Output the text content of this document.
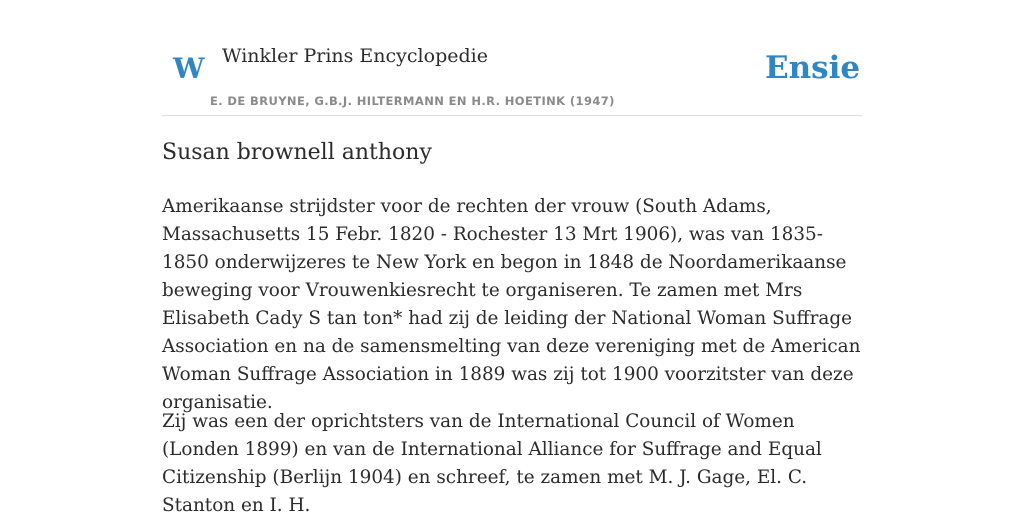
W Winkler Prins Encyclopedie	Ensie
E. DE BRUYNE, G.B.J. HILTERMANN EN H.R. HOETINK (1947)
Susan brownell anthony

Amerikaanse strijdster voor de rechten der vrouw (South Adams, Massachusetts 15 Febr. 1820 - Rochester 13 Mrt 1906), was van 1835-1850 onderwijzeres te New York en begon in 1848 de Noordamerikaanse beweging voor Vrouwenkiesrecht te organiseren. Te zamen met Mrs Elisabeth Cady S tan ton* had zij de leiding der National Woman Suffrage Association en na de samensmelting van deze vereniging met de American Woman Suffrage Association in 1889 was zij tot 1900 voorzitster van deze organisatie.

Zij was een der oprichtsters van de International Council of Women (Londen 1899) en van de International Alliance for Suffrage and Equal Citizenship (Berlijn 1904) en schreef, te zamen met M. J. Gage, El. C. Stanton en I. H.
